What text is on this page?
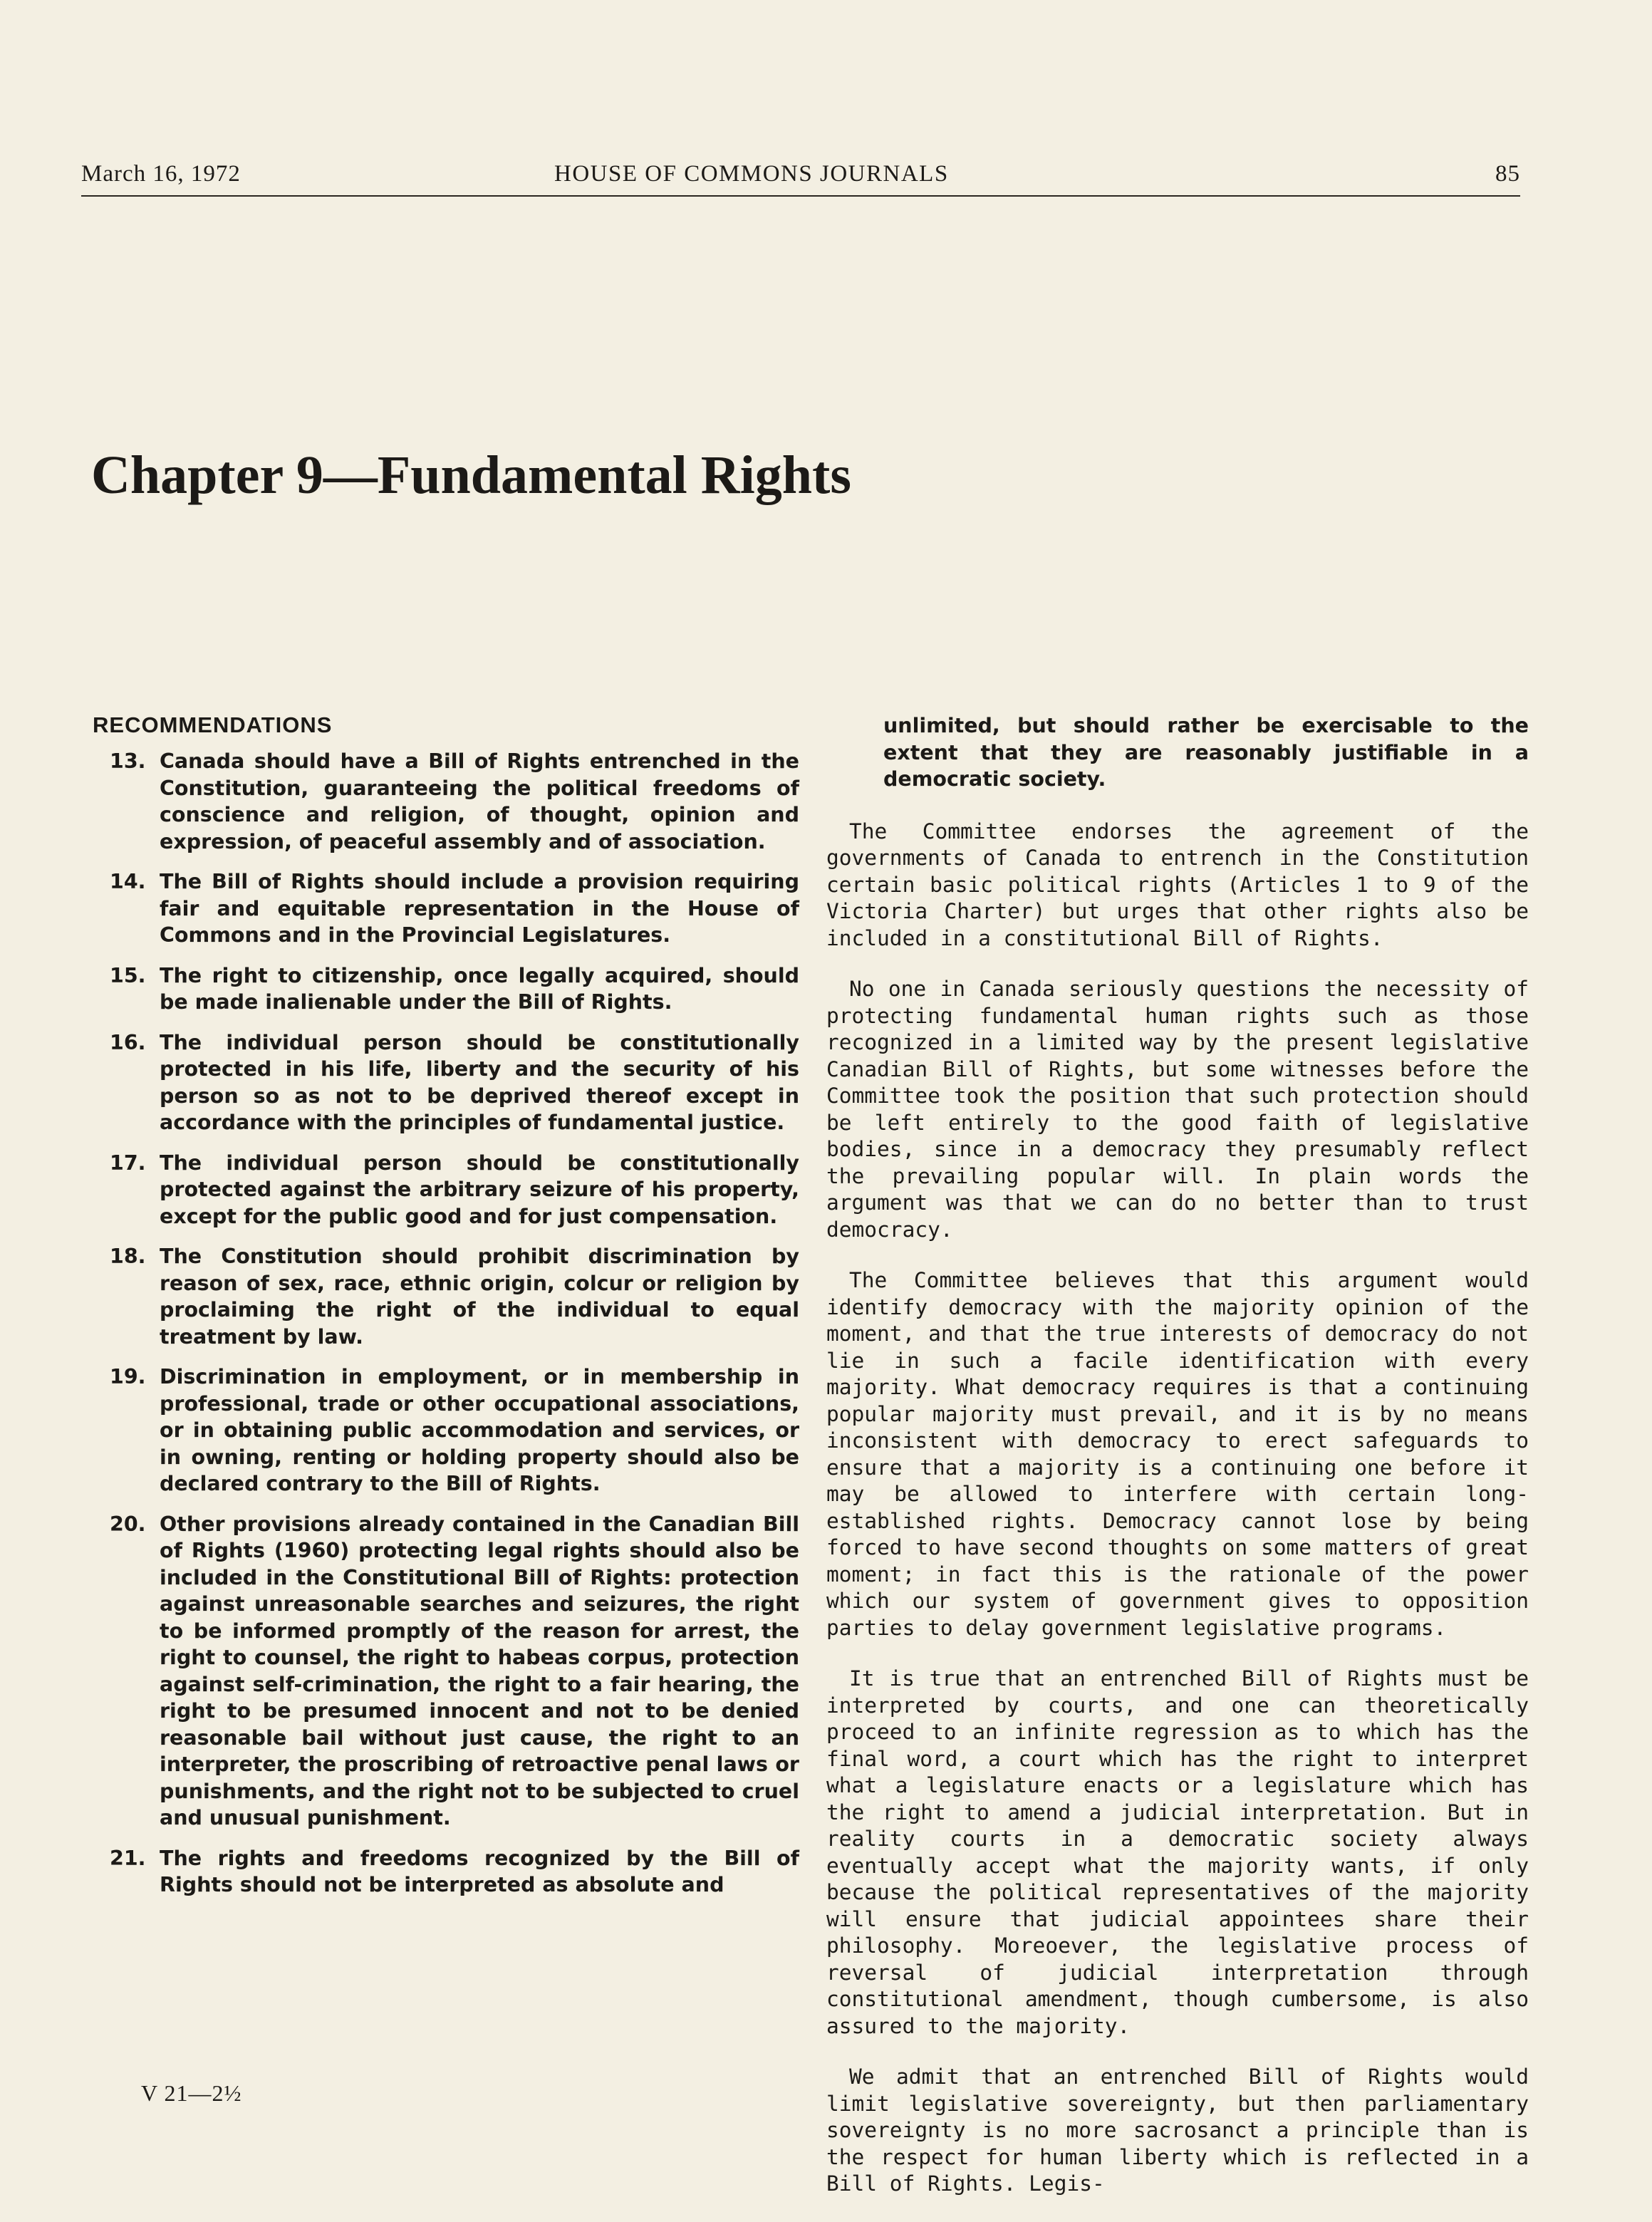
March 16, 1972	HOUSE OF COMMONS JOURNALS	85
Chapter 9—Fundamental Rights
RECOMMENDATIONS
13. Canada should have a Bill of Rights entrenched in the Constitution, guaranteeing the political freedoms of conscience and religion, of thought, opinion and expression, of peaceful assembly and of association.
14. The Bill of Rights should include a provision requiring fair and equitable representation in the House of Commons and in the Provincial Legislatures.
15. The right to citizenship, once legally acquired, should be made inalienable under the Bill of Rights.
16. The individual person should be constitutionally protected in his life, liberty and the security of his person so as not to be deprived thereof except in accordance with the principles of fundamental justice.
17. The individual person should be constitutionally protected against the arbitrary seizure of his property, except for the public good and for just compensation.
18. The Constitution should prohibit discrimination by reason of sex, race, ethnic origin, colcur or religion by proclaiming the right of the individual to equal treatment by law.
19. Discrimination in employment, or in membership in professional, trade or other occupational associations, or in obtaining public accommodation and services, or in owning, renting or holding property should also be declared contrary to the Bill of Rights.
20. Other provisions already contained in the Canadian Bill of Rights (1960) protecting legal rights should also be included in the Constitutional Bill of Rights: protection against unreasonable searches and seizures, the right to be informed promptly of the reason for arrest, the right to counsel, the right to habeas corpus, protection against self-crimination, the right to a fair hearing, the right to be presumed innocent and not to be denied reasonable bail without just cause, the right to an interpreter, the proscribing of retroactive penal laws or punishments, and the right not to be subjected to cruel and unusual punishment.
21. The rights and freedoms recognized by the Bill of Rights should not be interpreted as absolute and

unlimited, but should rather be exercisable to the extent that they are reasonably justifiable in a democratic society.

The Committee endorses the agreement of the governments of Canada to entrench in the Constitution certain basic political rights (Articles 1 to 9 of the Victoria Charter) but urges that other rights also be included in a constitutional Bill of Rights.

No one in Canada seriously questions the necessity of protecting fundamental human rights such as those recognized in a limited way by the present legislative Canadian Bill of Rights, but some witnesses before the Committee took the position that such protection should be left entirely to the good faith of legislative bodies, since in a democracy they presumably reflect the prevailing popular will. In plain words the argument was that we can do no better than to trust democracy.

The Committee believes that this argument would identify democracy with the majority opinion of the moment, and that the true interests of democracy do not lie in such a facile identification with every majority. What democracy requires is that a continuing popular majority must prevail, and it is by no means inconsistent with democracy to erect safeguards to ensure that a majority is a continuing one before it may be allowed to interfere with certain long-established rights. Democracy cannot lose by being forced to have second thoughts on some matters of great moment; in fact this is the rationale of the power which our system of government gives to opposition parties to delay government legislative programs.

It is true that an entrenched Bill of Rights must be interpreted by courts, and one can theoretically proceed to an infinite regression as to which has the final word, a court which has the right to interpret what a legislature enacts or a legislature which has the right to amend a judicial interpretation. But in reality courts in a democratic society always eventually accept what the majority wants, if only because the political representatives of the majority will ensure that judicial appointees share their philosophy. Moreoever, the legislative process of reversal of judicial interpretation through constitutional amendment, though cumbersome, is also assured to the majority.

We admit that an entrenched Bill of Rights would limit legislative sovereignty, but then parliamentary sovereignty is no more sacrosanct a principle than is the respect for human liberty which is reflected in a Bill of Rights. Legis-

V 21—2½
